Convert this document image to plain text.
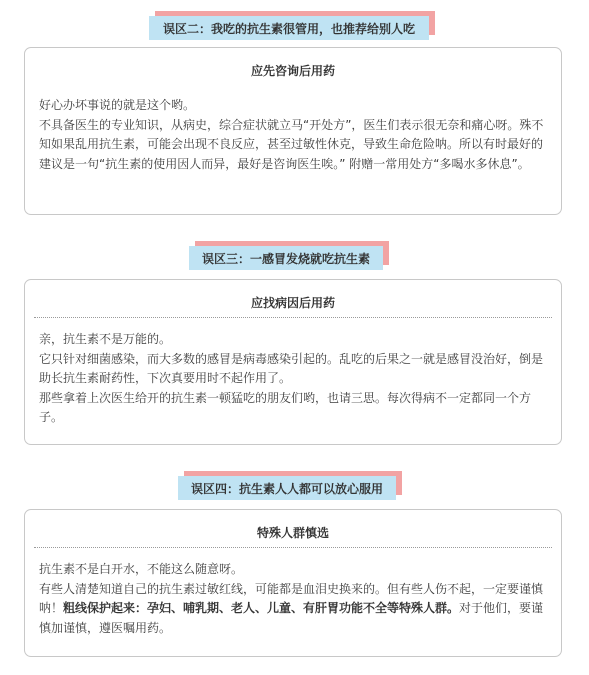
误区二：我吃的抗生素很管用，也推荐给别人吃
应先咨询后用药

好心办坏事说的就是这个哟。

不具备医生的专业知识，从病史，综合症状就立马“开处方”，医生们表示很无奈和痛心呀。殊不知如果乱用抗生素，可能会出现不良反应，甚至过敏性休克，导致生命危险呐。所以有时最好的建议是一句“抗生素的使用因人而异，最好是咨询医生唉。” 附赠一常用处方“多喝水多休息”。

误区三：一感冒发烧就吃抗生素
应找病因后用药

亲，抗生素不是万能的。

它只针对细菌感染，而大多数的感冒是病毒感染引起的。乱吃的后果之一就是感冒没治好，倒是助长抗生素耐药性，下次真要用时不起作用了。

那些拿着上次医生给开的抗生素一顿猛吃的朋友们哟，也请三思。每次得病不一定都同一个方子。

误区四：抗生素人人都可以放心服用
特殊人群慎选

抗生素不是白开水，不能这么随意呀。

有些人清楚知道自己的抗生素过敏红线，可能都是血泪史换来的。但有些人伤不起，一定要谨慎呐！粗线保护起来：孕妇、哺乳期、老人、儿童、有肝胃功能不全等特殊人群。对于他们，要谨慎加谨慎，遵医嘱用药。
